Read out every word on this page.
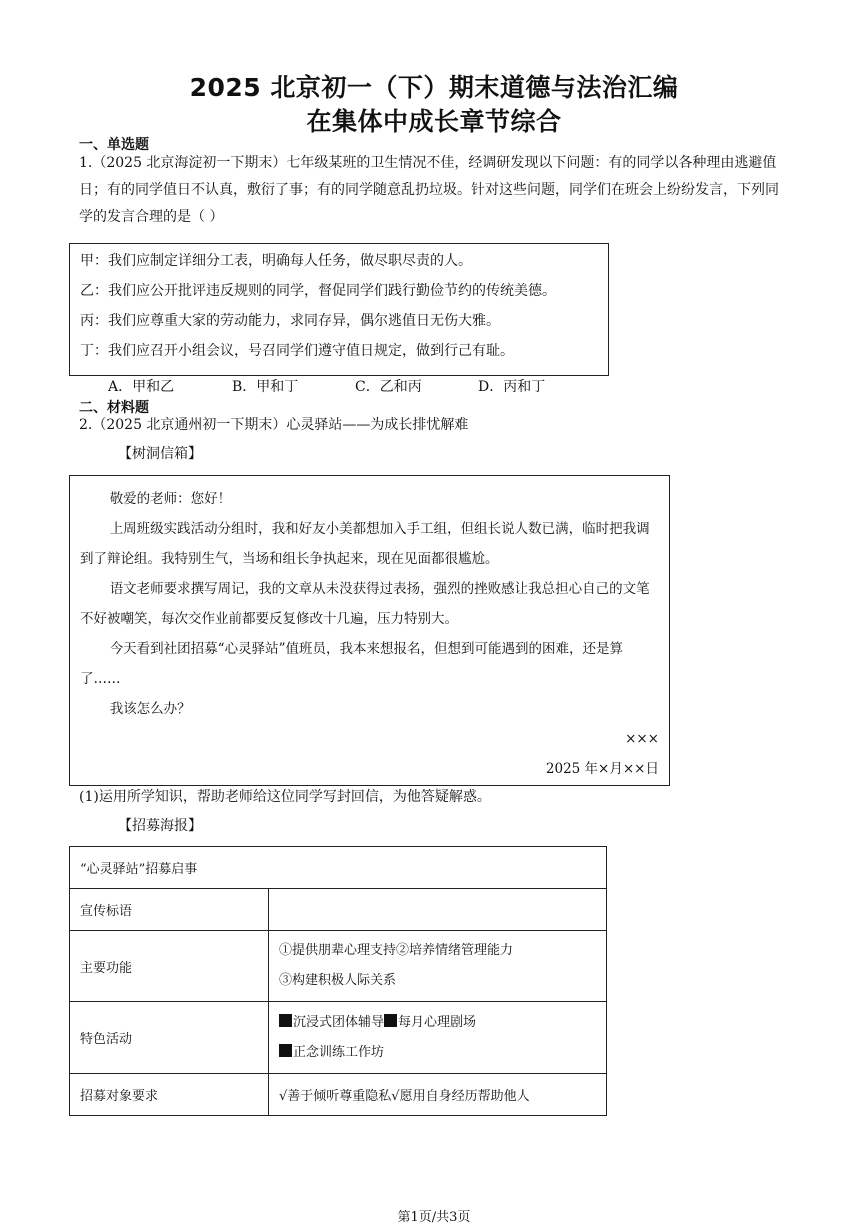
2025 北京初一（下）期末道德与法治汇编
在集体中成长章节综合
一、单选题
1.（2025 北京海淀初一下期末）七年级某班的卫生情况不佳，经调研发现以下问题：有的同学以各种理由逃避值日；有的同学值日不认真，敷衍了事；有的同学随意乱扔垃圾。针对这些问题，同学们在班会上纷纷发言，下列同学的发言合理的是（ ）
甲：我们应制定详细分工表，明确每人任务，做尽职尽责的人。
乙：我们应公开批评违反规则的同学，督促同学们践行勤俭节约的传统美德。
丙：我们应尊重大家的劳动能力，求同存异，偶尔逃值日无伤大雅。
丁：我们应召开小组会议，号召同学们遵守值日规定，做到行己有耻。
A．甲和乙	B．甲和丁	C．乙和丙	D．丙和丁
二、材料题
2.（2025 北京通州初一下期末）心灵驿站——为成长排忧解难
【树洞信箱】
敬爱的老师：您好！
上周班级实践活动分组时，我和好友小美都想加入手工组，但组长说人数已满，临时把我调到了辩论组。我特别生气，当场和组长争执起来，现在见面都很尴尬。
语文老师要求撰写周记，我的文章从未没获得过表扬，强烈的挫败感让我总担心自己的文笔不好被嘲笑，每次交作业前都要反复修改十几遍，压力特别大。
今天看到社团招募“心灵驿站”值班员，我本来想报名，但想到可能遇到的困难，还是算了……
我该怎么办？
×××
2025 年×月××日
(1)运用所学知识，帮助老师给这位同学写封回信，为他答疑解惑。
【招募海报】
“心灵驿站”招募启事	
宣传标语	
主要功能	①提供朋辈心理支持②培养情绪管理能力
③构建积极人际关系

特色活动	沉浸式团体辅导 每月心理剧场
正念训练工作坊

招募对象要求	√善于倾听尊重隐私√愿用自身经历帮助他人
第1页/共3页
